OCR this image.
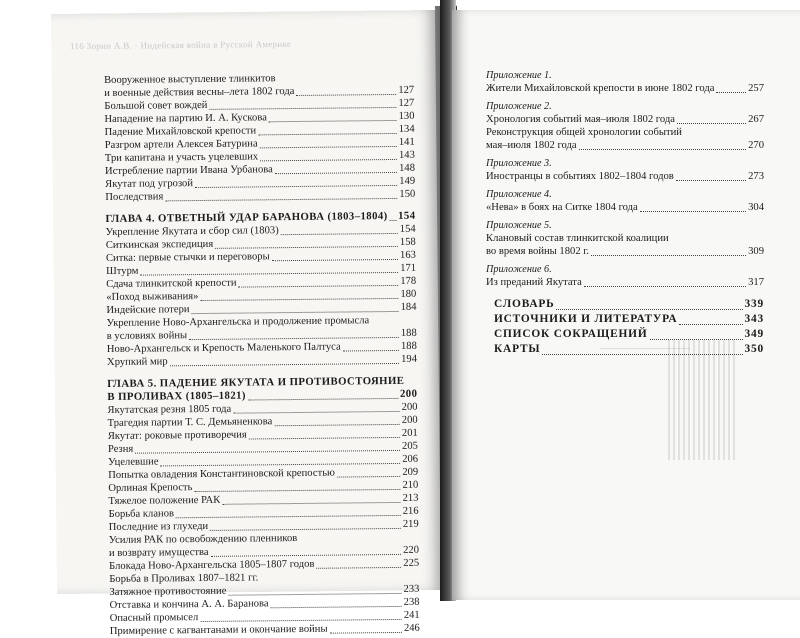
116 Зорин А.В. · Индейская война в Русской Америке
Вооруженное выступление тлинкитов
и военные действия весны–лета 1802 года	127
Большой совет вождей	127
Нападение на партию И. А. Кускова	130
Падение Михайловской крепости	134
Разгром артели Алексея Батурина	141
Три капитана и участь уцелевших	143
Истребление партии Ивана Урбанова	148
Якутат под угрозой	149
Последствия	150
ГЛАВА 4. ОТВЕТНЫЙ УДАР БАРАНОВА (1803–1804) 154
Укрепление Якутата и сбор сил (1803)	154
Ситкинская экспедиция	158
Ситка: первые стычки и переговоры	163
Штурм	171
Сдача тлинкитской крепости	178
«Поход выживания»	180
Индейские потери	184
Укрепление Ново-Архангельска и продолжение промысла
в условиях войны	188
Ново-Архангельск и Крепость Маленького Палтуса	188
Хрупкий мир	194
ГЛАВА 5. ПАДЕНИЕ ЯКУТАТА И ПРОТИВОСТОЯНИЕ
В ПРОЛИВАХ (1805–1821)	200
Якутатская резня 1805 года	200
Трагедия партии Т. С. Демьяненкова	200
Якутат: роковые противоречия	201
Резня	205
Уцелевшие	206
Попытка овладения Константиновской крепостью	209
Орлиная Крепость	210
Тяжелое положение РАК	213
Борьба кланов	216
Последние из глухеди	219
Усилия РАК по освобождению пленников
и возврату имущества	220
Блокада Ново-Архангельска 1805–1807 годов	225
Борьба в Проливах 1807–1821 гг.
Затяжное противостояние	233
Отставка и кончина А. А. Баранова	238
Опасный промысел	241
Примирение с кагвантанами и окончание войны	246
Приложение 1.
Жители Михайловской крепости в июне 1802 года	257
Приложение 2.
Хронология событий мая–июля 1802 года	267
Реконструкция общей хронологии событий
мая–июля 1802 года	270
Приложение 3.
Иностранцы в событиях 1802–1804 годов	273
Приложение 4.
«Нева» в боях на Ситке 1804 года	304
Приложение 5.
Клановый состав тлинкитской коалиции
во время войны 1802 г.	309
Приложение 6.
Из преданий Якутата	317
СЛОВАРЬ	339
ИСТОЧНИКИ И ЛИТЕРАТУРА	343
СПИСОК СОКРАЩЕНИЙ	349
КАРТЫ	350
